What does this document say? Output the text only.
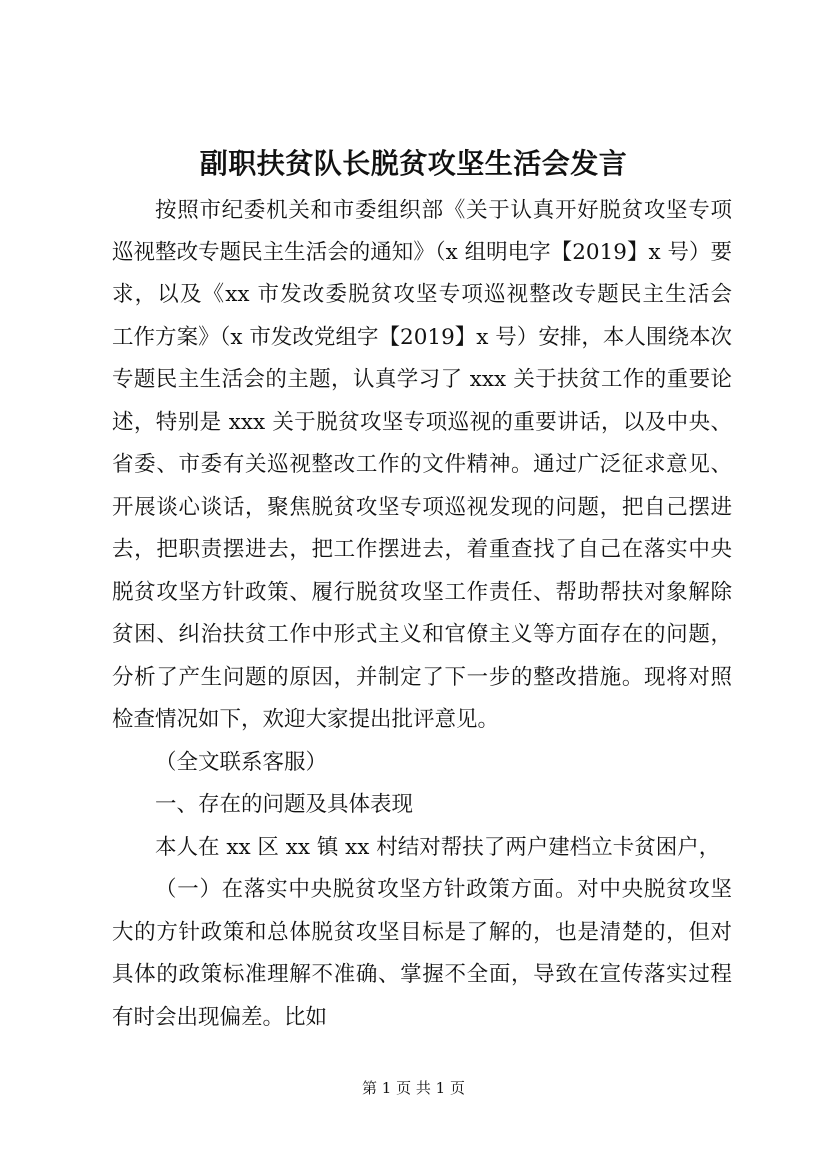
副职扶贫队长脱贫攻坚生活会发言
按照市纪委机关和市委组织部《关于认真开好脱贫攻坚专项
巡视整改专题民主生活会的通知》（x 组明电字【2019】x 号）要
求，以及《xx 市发改委脱贫攻坚专项巡视整改专题民主生活会
工作方案》（x 市发改党组字【2019】x 号）安排，本人围绕本次
专题民主生活会的主题，认真学习了 xxx 关于扶贫工作的重要论
述，特别是 xxx 关于脱贫攻坚专项巡视的重要讲话，以及中央、
省委、市委有关巡视整改工作的文件精神。通过广泛征求意见、
开展谈心谈话，聚焦脱贫攻坚专项巡视发现的问题，把自己摆进
去，把职责摆进去，把工作摆进去，着重查找了自己在落实中央
脱贫攻坚方针政策、履行脱贫攻坚工作责任、帮助帮扶对象解除
贫困、纠治扶贫工作中形式主义和官僚主义等方面存在的问题，
分析了产生问题的原因，并制定了下一步的整改措施。现将对照
检查情况如下，欢迎大家提出批评意见。
（全文联系客服）
一、存在的问题及具体表现
本人在 xx 区 xx 镇 xx 村结对帮扶了两户建档立卡贫困户，
（一）在落实中央脱贫攻坚方针政策方面。对中央脱贫攻坚
大的方针政策和总体脱贫攻坚目标是了解的，也是清楚的，但对
具体的政策标准理解不准确、掌握不全面，导致在宣传落实过程
有时会出现偏差。比如
第 1 页 共 1 页
